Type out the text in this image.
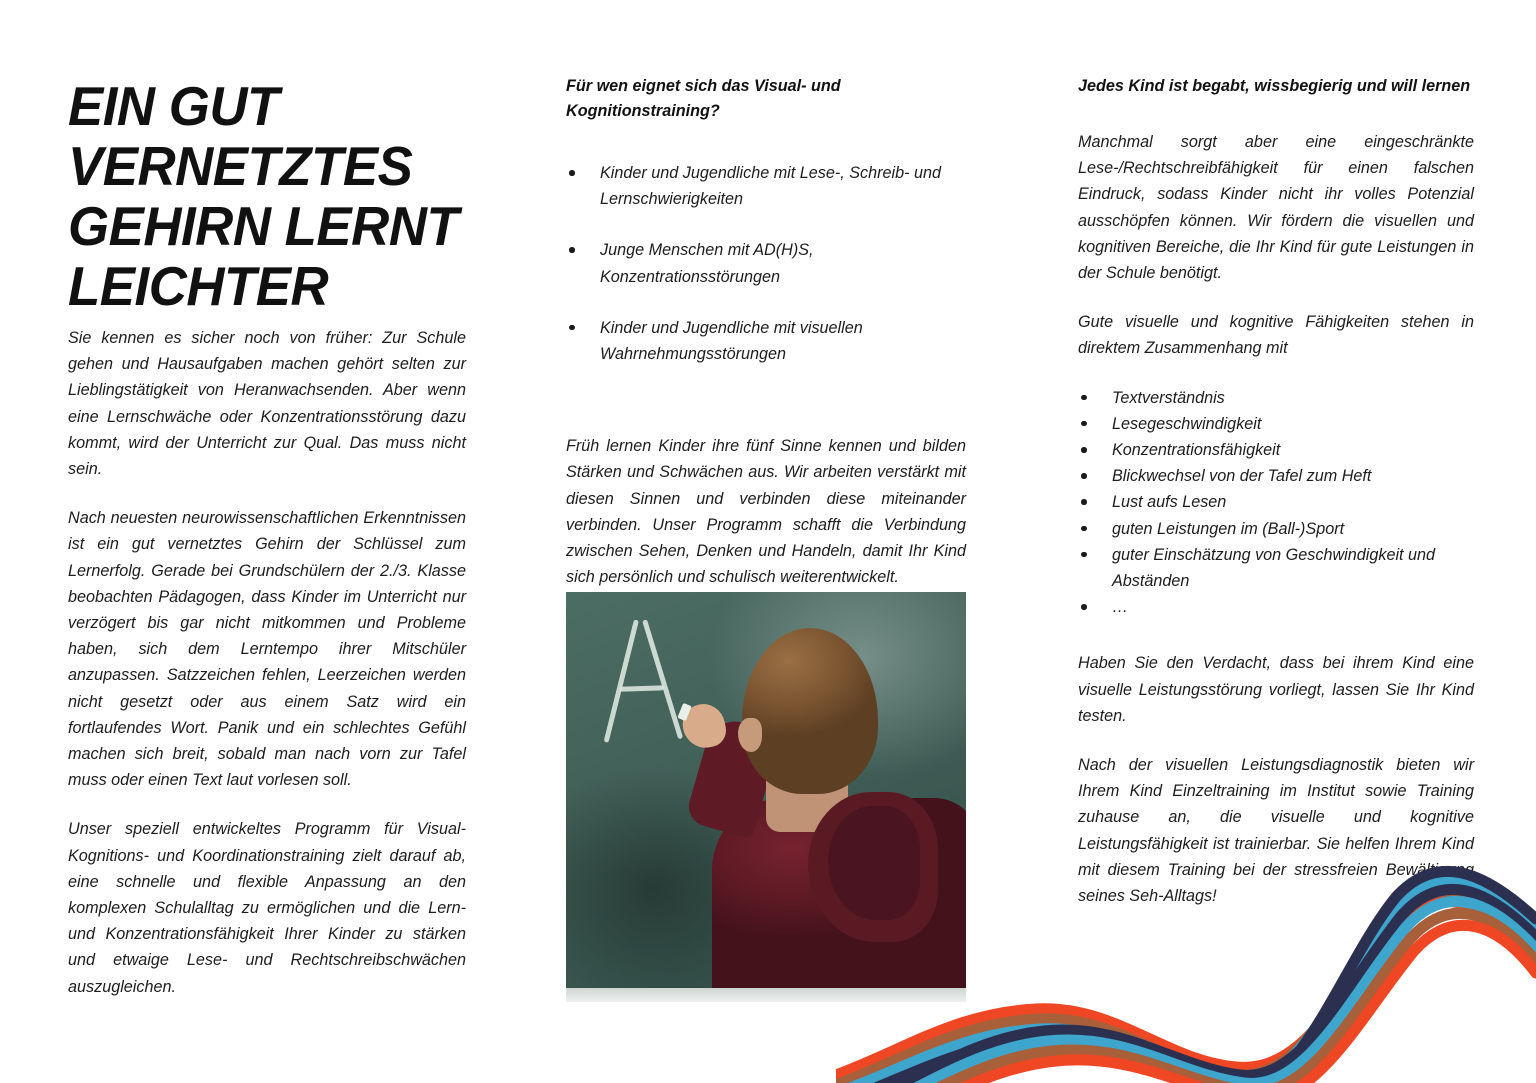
EIN GUT VERNETZTES GEHIRN LERNT LEICHTER

Sie kennen es sicher noch von früher: Zur Schule gehen und Hausaufgaben machen gehört selten zur Lieblingstätigkeit von Heranwachsenden. Aber wenn eine Lernschwäche oder Konzentrationsstörung dazu kommt, wird der Unterricht zur Qual. Das muss nicht sein.

Nach neuesten neurowissenschaftlichen Erkenntnissen ist ein gut vernetztes Gehirn der Schlüssel zum Lernerfolg. Gerade bei Grundschülern der 2./3. Klasse beobachten Pädagogen, dass Kinder im Unterricht nur verzögert bis gar nicht mitkommen und Probleme haben, sich dem Lerntempo ihrer Mitschüler anzupassen. Satzzeichen fehlen, Leerzeichen werden nicht gesetzt oder aus einem Satz wird ein fortlaufendes Wort. Panik und ein schlechtes Gefühl machen sich breit, sobald man nach vorn zur Tafel muss oder einen Text laut vorlesen soll.

Unser speziell entwickeltes Programm für Visual-Kognitions- und Koordinationstraining zielt darauf ab, eine schnelle und flexible Anpassung an den komplexen Schulalltag zu ermöglichen und die Lern- und Konzentrationsfähigkeit Ihrer Kinder zu stärken und etwaige Lese- und Rechtschreibschwächen auszugleichen.

Für wen eignet sich das Visual- und Kognitionstraining?
Kinder und Jugendliche mit Lese-, Schreib- und Lernschwierigkeiten
Junge Menschen mit AD(H)S, Konzentrationsstörungen
Kinder und Jugendliche mit visuellen Wahrnehmungsstörungen

Früh lernen Kinder ihre fünf Sinne kennen und bilden Stärken und Schwächen aus. Wir arbeiten verstärkt mit diesen Sinnen und verbinden diese miteinander verbinden. Unser Programm schafft die Verbindung zwischen Sehen, Denken und Handeln, damit Ihr Kind sich persönlich und schulisch weiterentwickelt.

Jedes Kind ist begabt, wissbegierig und will lernen

Manchmal sorgt aber eine eingeschränkte Lese-/Rechtschreibfähigkeit für einen falschen Eindruck, sodass Kinder nicht ihr volles Potenzial ausschöpfen können. Wir fördern die visuellen und kognitiven Bereiche, die Ihr Kind für gute Leistungen in der Schule benötigt.

Gute visuelle und kognitive Fähigkeiten stehen in direktem Zusammenhang mit

Textverständnis
Lesegeschwindigkeit
Konzentrationsfähigkeit
Blickwechsel von der Tafel zum Heft
Lust aufs Lesen
guten Leistungen im (Ball-)Sport
guter Einschätzung von Geschwindigkeit und Abständen
…

Haben Sie den Verdacht, dass bei ihrem Kind eine visuelle Leistungsstörung vorliegt, lassen Sie Ihr Kind testen.

Nach der visuellen Leistungsdiagnostik bieten wir Ihrem Kind Einzeltraining im Institut sowie Training zuhause an, die visuelle und kognitive Leistungsfähigkeit ist trainierbar. Sie helfen Ihrem Kind mit diesem Training bei der stressfreien Bewältigung seines Seh-Alltags!
